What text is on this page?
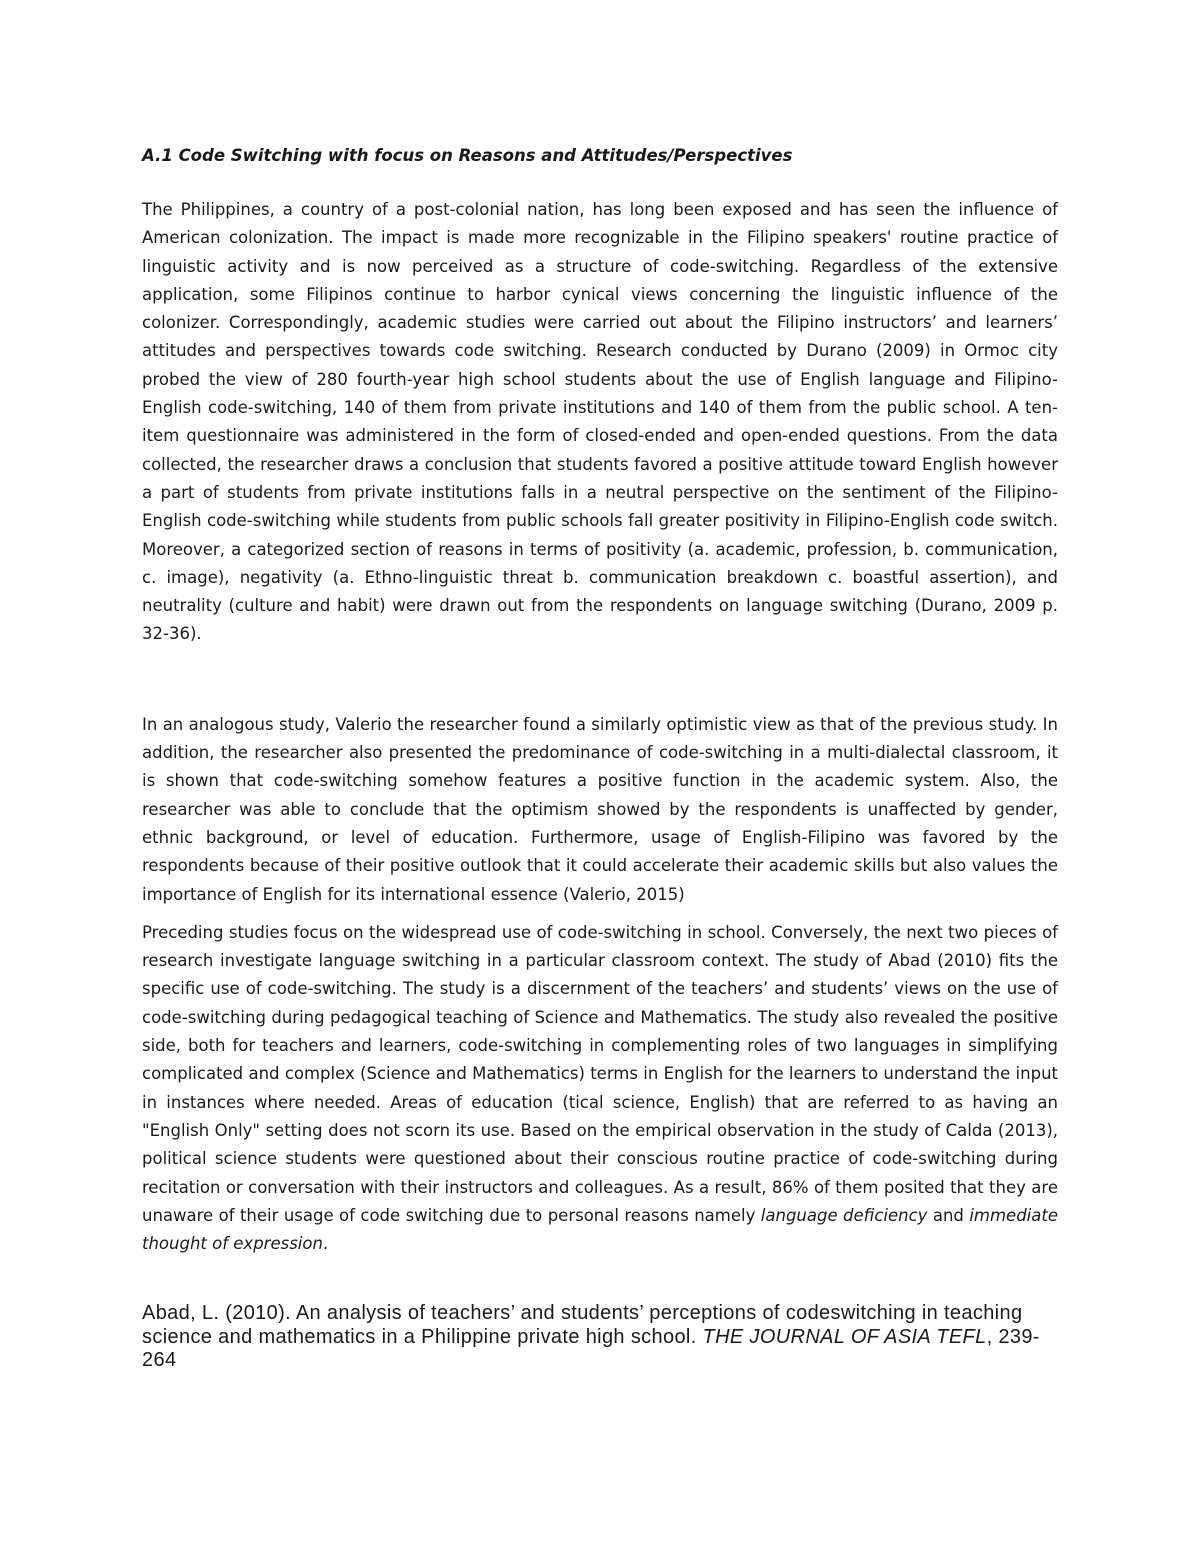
A.1 Code Switching with focus on Reasons and Attitudes/Perspectives

The Philippines, a country of a post-colonial nation, has long been exposed and has seen the influence of American colonization. The impact is made more recognizable in the Filipino speakers' routine practice of linguistic activity and is now perceived as a structure of code-switching. Regardless of the extensive application, some Filipinos continue to harbor cynical views concerning the linguistic influence of the colonizer. Correspondingly, academic studies were carried out about the Filipino instructors’ and learners’ attitudes and perspectives towards code switching. Research conducted by Durano (2009) in Ormoc city probed the view of 280 fourth-year high school students about the use of English language and Filipino-English code-switching, 140 of them from private institutions and 140 of them from the public school. A ten-item questionnaire was administered in the form of closed-ended and open-ended questions. From the data collected, the researcher draws a conclusion that students favored a positive attitude toward English however a part of students from private institutions falls in a neutral perspective on the sentiment of the Filipino-English code-switching while students from public schools fall greater positivity in Filipino-English code switch. Moreover, a categorized section of reasons in terms of positivity (a. academic, profession, b. communication, c. image), negativity (a. Ethno-linguistic threat b. communication breakdown c. boastful assertion), and neutrality (culture and habit) were drawn out from the respondents on language switching (Durano, 2009 p. 32-36).

In an analogous study, Valerio the researcher found a similarly optimistic view as that of the previous study. In addition, the researcher also presented the predominance of code-switching in a multi-dialectal classroom, it is shown that code-switching somehow features a positive function in the academic system. Also, the researcher was able to conclude that the optimism showed by the respondents is unaffected by gender, ethnic background, or level of education. Furthermore, usage of English-Filipino was favored by the respondents because of their positive outlook that it could accelerate their academic skills but also values the importance of English for its international essence (Valerio, 2015)

Preceding studies focus on the widespread use of code-switching in school. Conversely, the next two pieces of research investigate language switching in a particular classroom context. The study of Abad (2010) fits the specific use of code-switching. The study is a discernment of the teachers’ and students’ views on the use of code-switching during pedagogical teaching of Science and Mathematics. The study also revealed the positive side, both for teachers and learners, code-switching in complementing roles of two languages in simplifying complicated and complex (Science and Mathematics) terms in English for the learners to understand the input in instances where needed. Areas of education (tical science, English) that are referred to as having an "English Only" setting does not scorn its use. Based on the empirical observation in the study of Calda (2013), political science students were questioned about their conscious routine practice of code-switching during recitation or conversation with their instructors and colleagues. As a result, 86% of them posited that they are unaware of their usage of code switching due to personal reasons namely language deficiency and immediate thought of expression.

Abad, L. (2010). An analysis of teachers’ and students’ perceptions of codeswitching in teaching science and mathematics in a Philippine private high school. THE JOURNAL OF ASIA TEFL, 239-264
